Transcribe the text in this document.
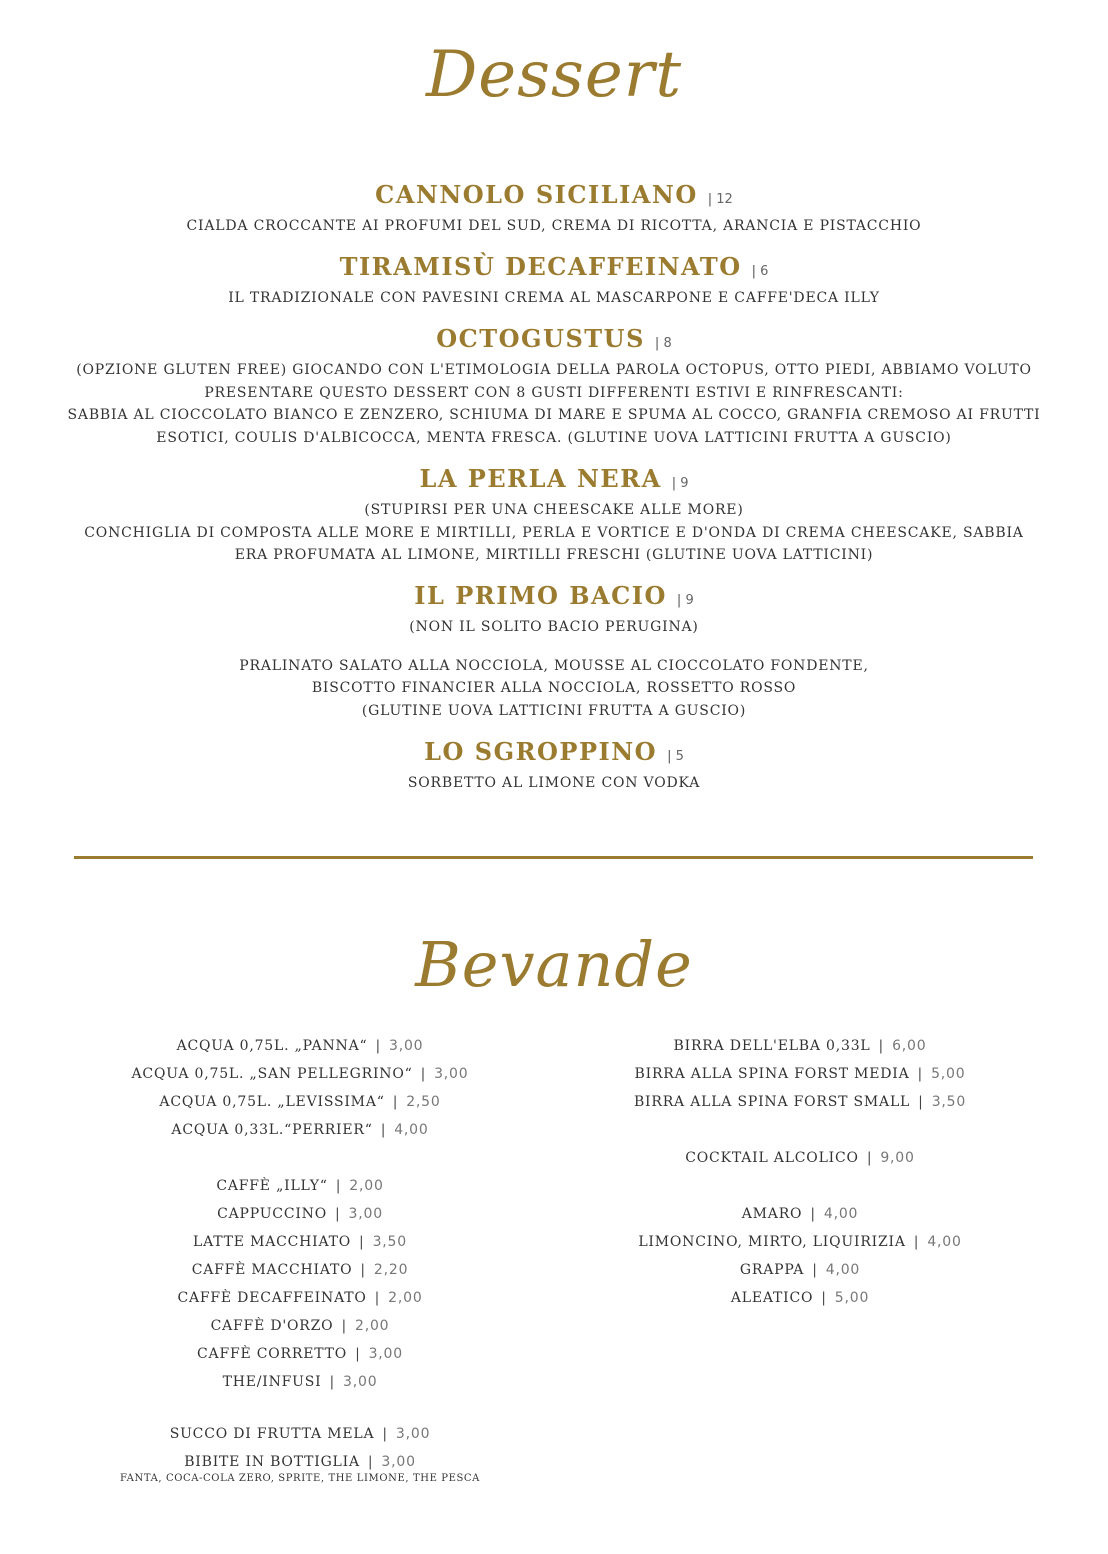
Dessert
CANNOLO SICILIANO | 12
CIALDA CROCCANTE AI PROFUMI DEL SUD, CREMA DI RICOTTA, ARANCIA E PISTACCHIO
TIRAMISÙ DECAFFEINATO | 6
IL TRADIZIONALE CON PAVESINI CREMA AL MASCARPONE E CAFFE'DECA ILLY
OCTOGUSTUS | 8
(OPZIONE GLUTEN FREE) GIOCANDO CON L'ETIMOLOGIA DELLA PAROLA OCTOPUS, OTTO PIEDI, ABBIAMO VOLUTO
PRESENTARE QUESTO DESSERT CON 8 GUSTI DIFFERENTI ESTIVI E RINFRESCANTI:
SABBIA AL CIOCCOLATO BIANCO E ZENZERO, SCHIUMA DI MARE E SPUMA AL COCCO, GRANFIA CREMOSO AI FRUTTI
ESOTICI, COULIS D'ALBICOCCA, MENTA FRESCA. (GLUTINE UOVA LATTICINI FRUTTA A GUSCIO)
LA PERLA NERA | 9
(STUPIRSI PER UNA CHEESCAKE ALLE MORE)
CONCHIGLIA DI COMPOSTA ALLE MORE E MIRTILLI, PERLA E VORTICE E D'ONDA DI CREMA CHEESCAKE, SABBIA
ERA PROFUMATA AL LIMONE, MIRTILLI FRESCHI (GLUTINE UOVA LATTICINI)
IL PRIMO BACIO | 9
(NON IL SOLITO BACIO PERUGINA)
PRALINATO SALATO ALLA NOCCIOLA, MOUSSE AL CIOCCOLATO FONDENTE,
BISCOTTO FINANCIER ALLA NOCCIOLA, ROSSETTO ROSSO
(GLUTINE UOVA LATTICINI FRUTTA A GUSCIO)
LO SGROPPINO | 5
SORBETTO AL LIMONE CON VODKA
Bevande
ACQUA 0,75L. „PANNA“ | 3,00
ACQUA 0,75L. „SAN PELLEGRINO“ | 3,00
ACQUA 0,75L. „LEVISSIMA“ | 2,50
ACQUA 0,33L.“PERRIER“ | 4,00
CAFFÈ „ILLY“ | 2,00
CAPPUCCINO | 3,00
LATTE MACCHIATO | 3,50
CAFFÈ MACCHIATO | 2,20
CAFFÈ DECAFFEINATO | 2,00
CAFFÈ D'ORZO | 2,00
CAFFÈ CORRETTO | 3,00
THE/INFUSI | 3,00
SUCCO DI FRUTTA MELA | 3,00
BIBITE IN BOTTIGLIA | 3,00
FANTA, COCA-COLA ZERO, SPRITE, THE LIMONE, THE PESCA
BIRRA DELL'ELBA 0,33L | 6,00
BIRRA ALLA SPINA FORST MEDIA | 5,00
BIRRA ALLA SPINA FORST SMALL | 3,50
COCKTAIL ALCOLICO | 9,00
AMARO | 4,00
LIMONCINO, MIRTO, LIQUIRIZIA | 4,00
GRAPPA | 4,00
ALEATICO | 5,00
